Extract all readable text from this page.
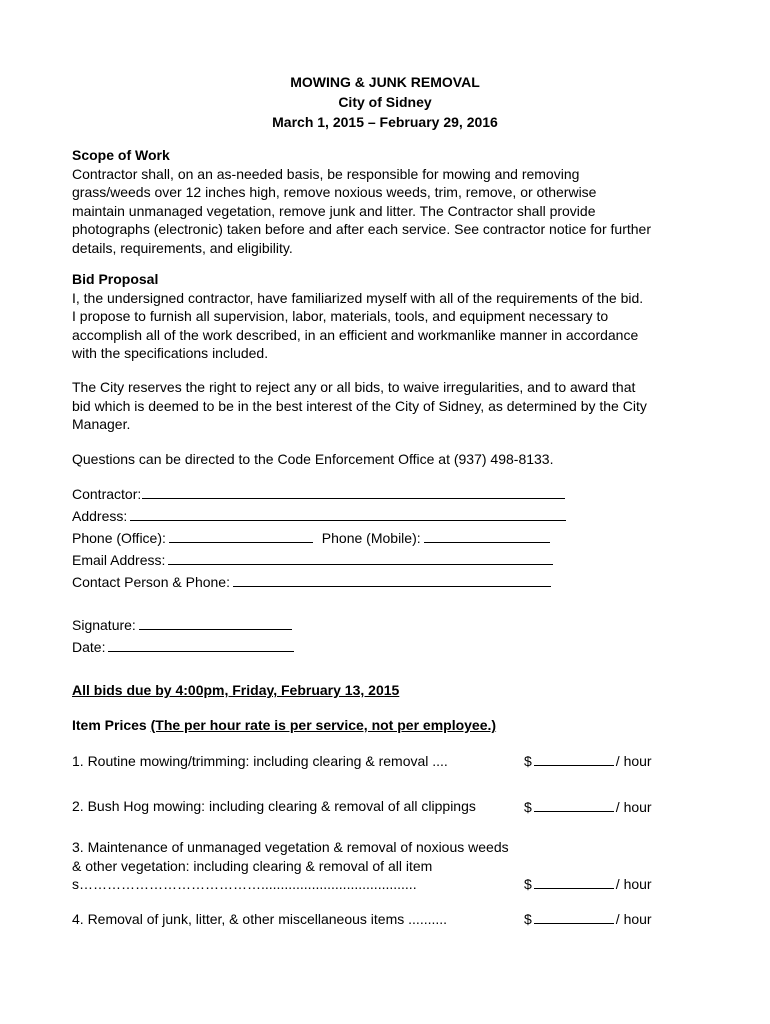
MOWING & JUNK REMOVAL
City of Sidney
March 1, 2015 – February 29, 2016
Scope of Work
Contractor shall, on an as-needed basis, be responsible for mowing and removing
grass/weeds over 12 inches high, remove noxious weeds, trim, remove, or otherwise
maintain unmanaged vegetation, remove junk and litter. The Contractor shall provide
photographs (electronic) taken before and after each service. See contractor notice for further
details, requirements, and eligibility.
Bid Proposal
I, the undersigned contractor, have familiarized myself with all of the requirements of the bid.
I propose to furnish all supervision, labor, materials, tools, and equipment necessary to
accomplish all of the work described, in an efficient and workmanlike manner in accordance
with the specifications included.
The City reserves the right to reject any or all bids, to waive irregularities, and to award that
bid which is deemed to be in the best interest of the City of Sidney, as determined by the City
Manager.
Questions can be directed to the Code Enforcement Office at (937) 498-8133.
Contractor:
Address:
Phone (Office):	Phone (Mobile):
Email Address:
Contact Person & Phone:
Signature:
Date:
All bids due by 4:00pm, Friday, February 13, 2015
Item Prices (The per hour rate is per service, not per employee.)
1. Routine mowing/trimming: including clearing & removal ....	$	/ hour
2. Bush Hog mowing: including clearing & removal of all clippings	$	/ hour
3. Maintenance of unmanaged vegetation & removal of noxious weeds & other vegetation: including clearing & removal of all items…………………………………........................................	$	/ hour
4. Removal of junk, litter, & other miscellaneous items ..........	$	/ hour
